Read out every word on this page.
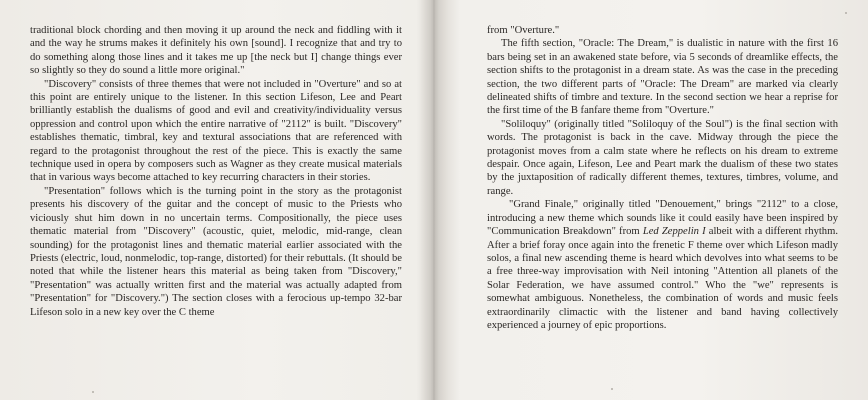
traditional block chording and then moving it up around the neck and fiddling with it and the way he strums makes it definitely his own [sound]. I recognize that and try to do something along those lines and it takes me up [the neck but I] change things ever so slightly so they do sound a little more original."

"Discovery" consists of three themes that were not included in "Overture" and so at this point are entirely unique to the listener. In this section Lifeson, Lee and Peart brilliantly establish the dualisms of good and evil and creativity/individuality versus oppression and control upon which the entire narrative of "2112" is built. "Discovery" establishes thematic, timbral, key and textural associations that are referenced with regard to the protagonist throughout the rest of the piece. This is exactly the same technique used in opera by composers such as Wagner as they create musical materials that in various ways become attached to key recurring characters in their stories.

"Presentation" follows which is the turning point in the story as the protagonist presents his discovery of the guitar and the concept of music to the Priests who viciously shut him down in no uncertain terms. Compositionally, the piece uses thematic material from "Discovery" (acoustic, quiet, melodic, mid-range, clean sounding) for the protagonist lines and thematic material earlier associated with the Priests (electric, loud, nonmelodic, top-range, distorted) for their rebuttals. (It should be noted that while the listener hears this material as being taken from "Discovery," "Presentation" was actually written first and the material was actually adapted from "Presentation" for "Discovery.") The section closes with a ferocious up-tempo 32-bar Lifeson solo in a new key over the C theme

from "Overture."

The fifth section, "Oracle: The Dream," is dualistic in nature with the first 16 bars being set in an awakened state before, via 5 seconds of dreamlike effects, the section shifts to the protagonist in a dream state. As was the case in the preceding section, the two different parts of "Oracle: The Dream" are marked via clearly delineated shifts of timbre and texture. In the second section we hear a reprise for the first time of the B fanfare theme from "Overture."

"Soliloquy" (originally titled "Soliloquy of the Soul") is the final section with words. The protagonist is back in the cave. Midway through the piece the protagonist moves from a calm state where he reflects on his dream to extreme despair. Once again, Lifeson, Lee and Peart mark the dualism of these two states by the juxtaposition of radically different themes, textures, timbres, volume, and range.

"Grand Finale," originally titled "Denouement," brings "2112" to a close, introducing a new theme which sounds like it could easily have been inspired by "Communication Breakdown" from Led Zeppelin I albeit with a different rhythm. After a brief foray once again into the frenetic F theme over which Lifeson madly solos, a final new ascending theme is heard which devolves into what seems to be a free three-way improvisation with Neil intoning "Attention all planets of the Solar Federation, we have assumed control." Who the "we" represents is somewhat ambiguous. Nonetheless, the combination of words and music feels extraordinarily climactic with the listener and band having collectively experienced a journey of epic proportions.
